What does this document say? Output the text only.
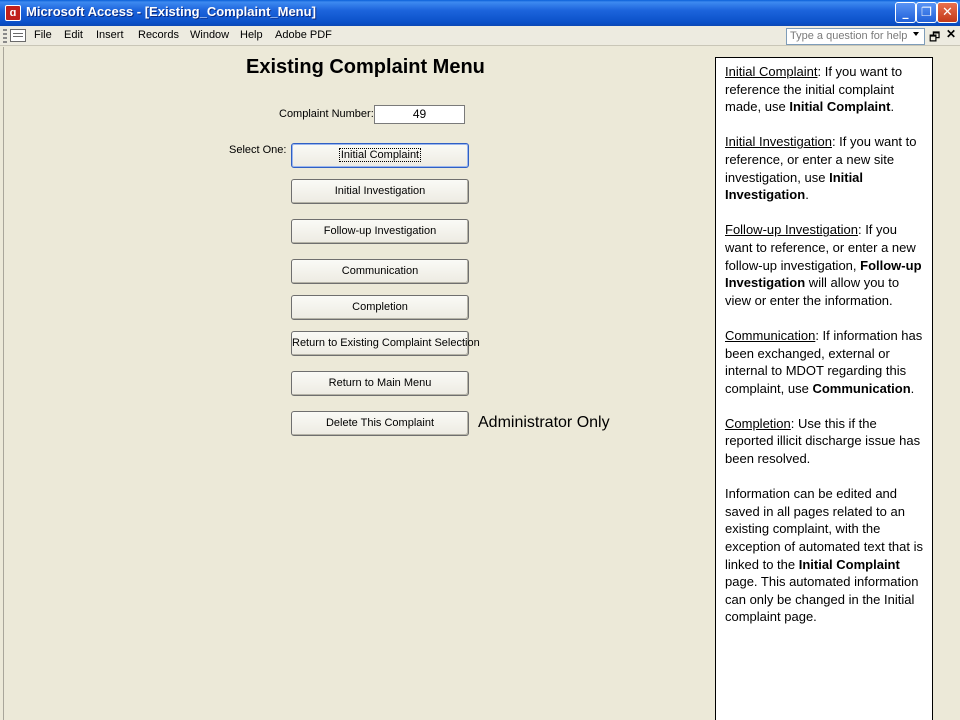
ɑ Microsoft Access - [Existing_Complaint_Menu]	_	❐ ✕
File Edit Insert Records Window Help Adobe PDF	Type a question for help	🗗 ✕
Existing Complaint Menu
Complaint Number:	49
Select One:	Initial Complaint
Initial Investigation
Follow-up Investigation
Communication
Completion
Return to Existing Complaint Selection
Return to Main Menu
Delete This Complaint	Administrator Only

Initial Complaint: If you want to reference the initial complaint made, use Initial Complaint.

Initial Investigation: If you want to reference, or enter a new site investigation, use Initial Investigation.

Follow-up Investigation: If you want to reference, or enter a new follow-up investigation, Follow-up Investigation will allow you to view or enter the information.

Communication: If information has been exchanged, external or internal to MDOT regarding this complaint, use Communication.

Completion: Use this if the reported illicit discharge issue has been resolved.

Information can be edited and saved in all pages related to an existing complaint, with the exception of automated text that is linked to the Initial Complaint page. This automated information can only be changed in the Initial complaint page.
